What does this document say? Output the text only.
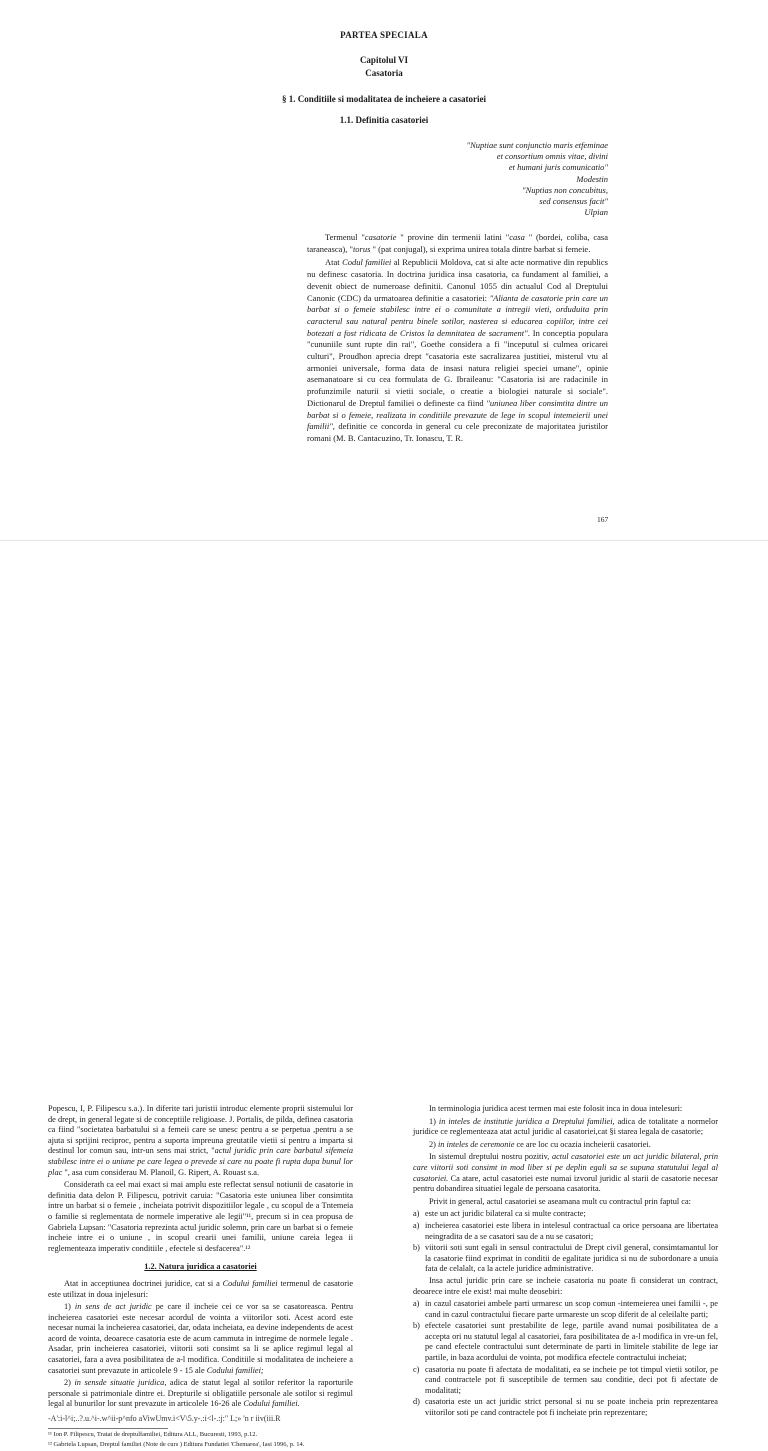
PARTEA SPECIALA
Capitolul VI
Casatoria
§ 1. Conditiile si modalitatea de incheiere a casatoriei
1.1. Definitia casatoriei
"Nuptiae sunt conjunctio maris etfeminae
et consortium omnis vitae, divini
et humani juris comunicatio"
Modestin
"Nuptias non concubitus,
sed consensus facit"
Ulpian

Termenul "casatorie " provine din termenii latini "casa " (bordei, coliba, casa taraneasca), "torus " (pat conjugal), si exprima unirea totala dintre barbat si femeie.

Atat Codul familiei al Republicii Moldova, cat si alte acte normative din republics nu definesc casatoria. In doctrina juridica insa casatoria, ca fundament al familiei, a devenit obiect de numeroase definitii. Canonul 1055 din actualul Cod al Dreptului Canonic (CDC) da urmatoarea definitie a casatoriei: "Alianta de casatorie prin care un barbat si o femeie stabilesc intre ei o comunitate a intregii vieti, orduduita prin caracterul sau natural pentru binele sotilor, nasterea si educarea copiilor, intre cei botezati a fost ridicata de Cristos la demnitatea de sacrament". In conceptia populara "cununiile sunt rupte din rai", Goethe considera a fi "inceputul si culmea oricarei culturi", Proudhon aprecia drept "casatoria este sacralizarea justitiei, misterul vtu al armoniei universale, forma data de insasi natura religiei speciei umane", opinie asemanatoare si cu cea formulata de G. Ibraileanu: "Casatoria isi are radacinile in profunzimile naturii si vietii sociale, o creatie a biologiei naturale si sociale". Dictionarul de Dreptul familiei o defineste ca fiind "uniunea liber consimtita dintre un barbat si o femeie, realizata in conditiile prevazute de lege in scopul intemeierii unei familii", definitie ce concorda in general cu cele preconizate de majoritatea juristilor romani (M. B. Cantacuzino, Tr. Ionascu, T. R.

167

Popescu, I, P. Filipescu s.a.). In diferite tari juristii introduc elemente proprii sistemului lor de drept, in general legate si de conceptiile religioase. J. Portalis, de pilda, definea casatoria ca fiind "societatea barbatului si a femeii care se unesc pentru a se perpetua ,pentru a se ajuta si sprijini reciproc, pentru a suporta impreuna greutatile vietii si pentru a imparta si destinul lor comun sau, intr-un sens mai strict, "actul juridic prin care barbatul sifemeia stabilesc intre ei o uniune pe care legea o prevede si care nu poate fi rupta dupa bunul lor plac ", asa cum considerau M. Planoil, G. Ripert, A. Rouast s.a.

Considerath ca eel mai exact si mai amplu este reflectat sensul notiunii de casatorie in definitia data delon P. Filipescu, potrivit caruia: "Casatoria este uniunea liber consimtita intre un barbat si o femeie , incheiata potrivit dispozitiilor legale , cu scopul de a Tntemeia o familie si reglementata de normele imperative ale legii"¹¹, precum si in cea propusa de Gabriela Lupsan: "Casatoria reprezinta actul juridic solemn, prin care un barbat si o femeie incheie intre ei o uniune , in scopul crearii unei familii, uniune careia legea ii reglementeaza imperativ conditiile , efectele si desfacerea".¹²

1.2. Natura juridica a casatoriei

Atat in acceptiunea doctrinei juridice, cat si a Codului familiei termenul de casatorie este utilizat in doua injelesuri:

1) in sens de act juridic pe care il incheie cei ce vor sa se casatoreasca. Pentru incheierea casatoriei este necesar acordul de vointa a viitorilor soti. Acest acord este necesar numai la incheierea casatoriei, dar, odata incheiata, ea devine independents de acest acord de vointa, deoarece casatoria este de acum cammuta in intregime de normele legale . Asadar, prin incheierea casatoriei, viitorii soti consimt sa li se aplice regimul legal al casatoriei, fara a avea posibilitatea de a-l modifica. Conditiile si modalitatea de incheiere a casatoriei sunt prevazute in articolele 9 - 15 ale Codului familiei;

2) in sensde situatie juridica, adica de statut legal al sotilor referitor la raporturile personale si patrimoniale dintre ei. Drepturile si obligatiile personale ale sotilor si regimul legal al bunurilor lor sunt prevazute in articolele 16-26 ale Codului familiei.

-A':i-l^i;..?.u.^i-.w^ii-p^nfo aViwUmv.i<V\5.y-.:i<l-.:j:" L;» 'n r iiv(iii.R

¹¹ Ion P. Filipescu, Tratat de dreptulfamiliei, Editura ALL, Bucuresti, 1993, p.12.

¹² Gabriela Lupsan, Dreptul familiei (Note de curs ) Editura Fundatiei 'Chemarea', Iasi 1996, p. 14.

In terminologia juridica acest termen mai este folosit inca in doua intelesuri:

1) in inteles de institutie juridica a Dreptului familiei, adica de totalitate a normelor juridice ce reglementeaza atat actul juridic al casatoriei,cat §i starea legala de casatorie;

2) in inteles de ceremonie ce are loc cu ocazia incheierii casatoriei.

In sistemul dreptului nostru pozitiv, actul casatoriei este un act juridic bilateral, prin care viitorii soti consimt in mod liber si pe deplin egali sa se supuna statutului legal al casatoriei. Ca atare, actul casatoriei este numai izvorul juridic al starii de casatorie necesar pentru dobandirea situatiei legale de persoana casatorita.

Privit in general, actul casatoriei se aseamana mult cu contractul prin faptul ca:

a) este un act juridic bilateral ca si multe contracte;
a) incheierea casatoriei este libera in intelesul contractual ca orice persoana are libertatea neingradita de a se casatori sau de a nu se casatori;
b) viitorii soti sunt egali in sensul contractului de Drept civil general, consimtamantul lor la casatorie fiind exprimat in conditii de egalitate juridica si nu de subordonare a unuia fata de celalalt, ca la actele juridice administrative.

Insa actul juridic prin care se incheie casatoria nu poate fi considerat un contract, deoarece intre ele exist! mai multe deosebiri:

a) in cazul casatoriei ambele parti urmaresc un scop comun -intemeierea unei familii -, pe cand in cazul contractului fiecare parte urmareste un scop diferit de al celeilalte parti;
b) efectele casatoriei sunt prestabilite de lege, partile avand numai posibilitatea de a accepta ori nu statutul legal al casatoriei, fara posibilitatea de a-l modifica in vre-un fel, pe cand efectele contractului sunt determinate de parti in limitele stabilite de lege iar partile, in baza acordului de vointa, pot modifica efectele contractului incheiat;
c) casatoria nu poate fi afectata de modalitati, ea se incheie pe tot timpul vietii sotilor, pe cand contractele pot fi susceptibile de termen sau conditie, deci pot fi afectate de modalitati;
d) casatoria este un act juridic strict personal si nu se poate incheia prin reprezentarea viitorilor soti pe cand contractele pot fi incheiate prin reprezentare;
